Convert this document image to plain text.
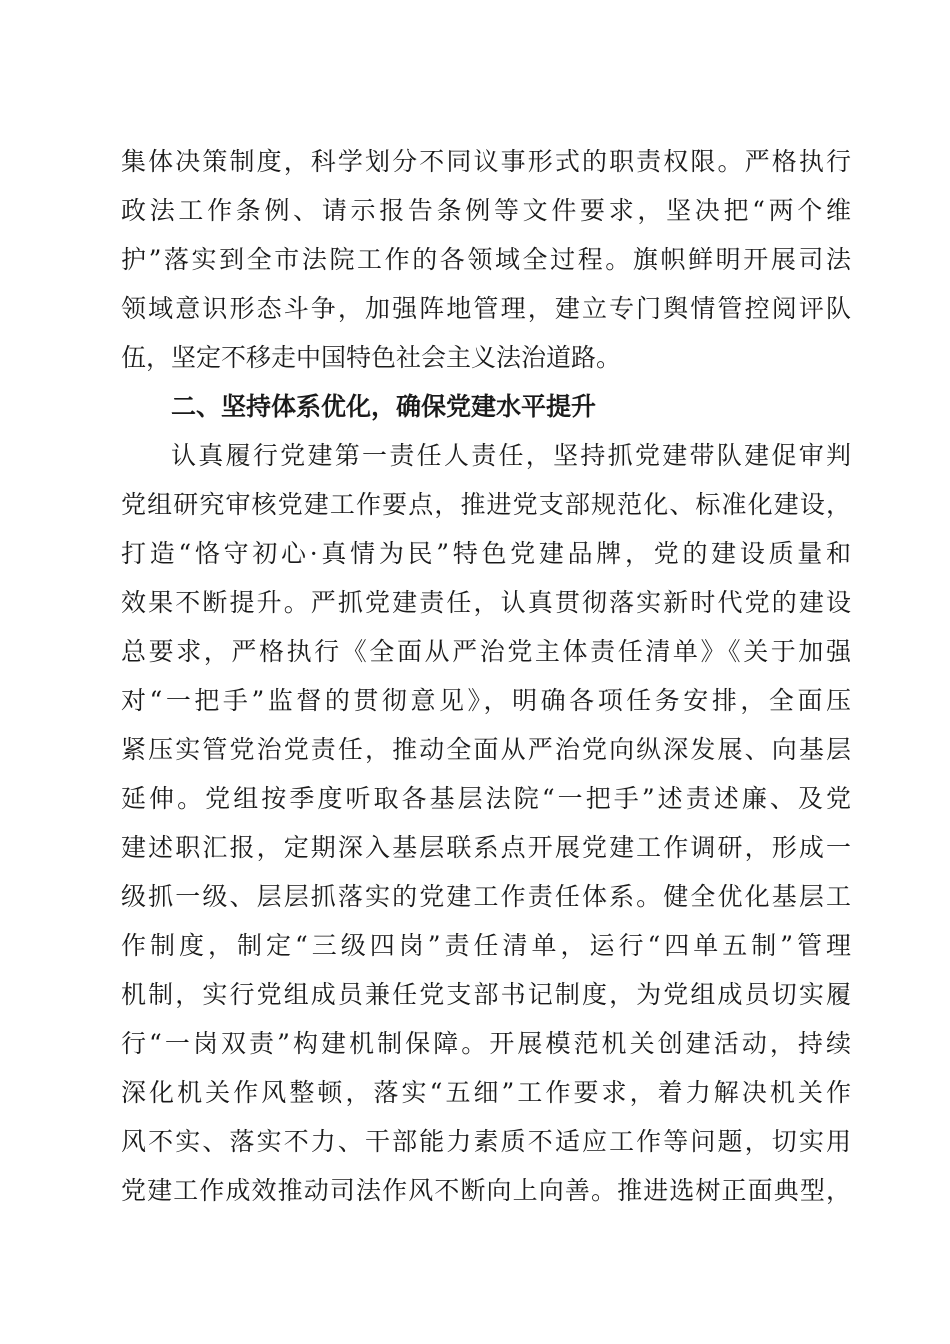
集体决策制度，科学划分不同议事形式的职责权限。严格执行
政法工作条例、请示报告条例等文件要求，坚决把“两个维
护”落实到全市法院工作的各领域全过程。旗帜鲜明开展司法
领域意识形态斗争，加强阵地管理，建立专门舆情管控阅评队
伍，坚定不移走中国特色社会主义法治道路。
二、坚持体系优化，确保党建水平提升
认真履行党建第一责任人责任，坚持抓党建带队建促审判
党组研究审核党建工作要点，推进党支部规范化、标准化建设，
打造“恪守初心·真情为民”特色党建品牌，党的建设质量和
效果不断提升。严抓党建责任，认真贯彻落实新时代党的建设
总要求，严格执行《全面从严治党主体责任清单》《关于加强
对“一把手”监督的贯彻意见》，明确各项任务安排，全面压
紧压实管党治党责任，推动全面从严治党向纵深发展、向基层
延伸。党组按季度听取各基层法院“一把手”述责述廉、及党
建述职汇报，定期深入基层联系点开展党建工作调研，形成一
级抓一级、层层抓落实的党建工作责任体系。健全优化基层工
作制度，制定“三级四岗”责任清单，运行“四单五制”管理
机制，实行党组成员兼任党支部书记制度，为党组成员切实履
行“一岗双责”构建机制保障。开展模范机关创建活动，持续
深化机关作风整顿，落实“五细”工作要求，着力解决机关作
风不实、落实不力、干部能力素质不适应工作等问题，切实用
党建工作成效推动司法作风不断向上向善。推进选树正面典型，
